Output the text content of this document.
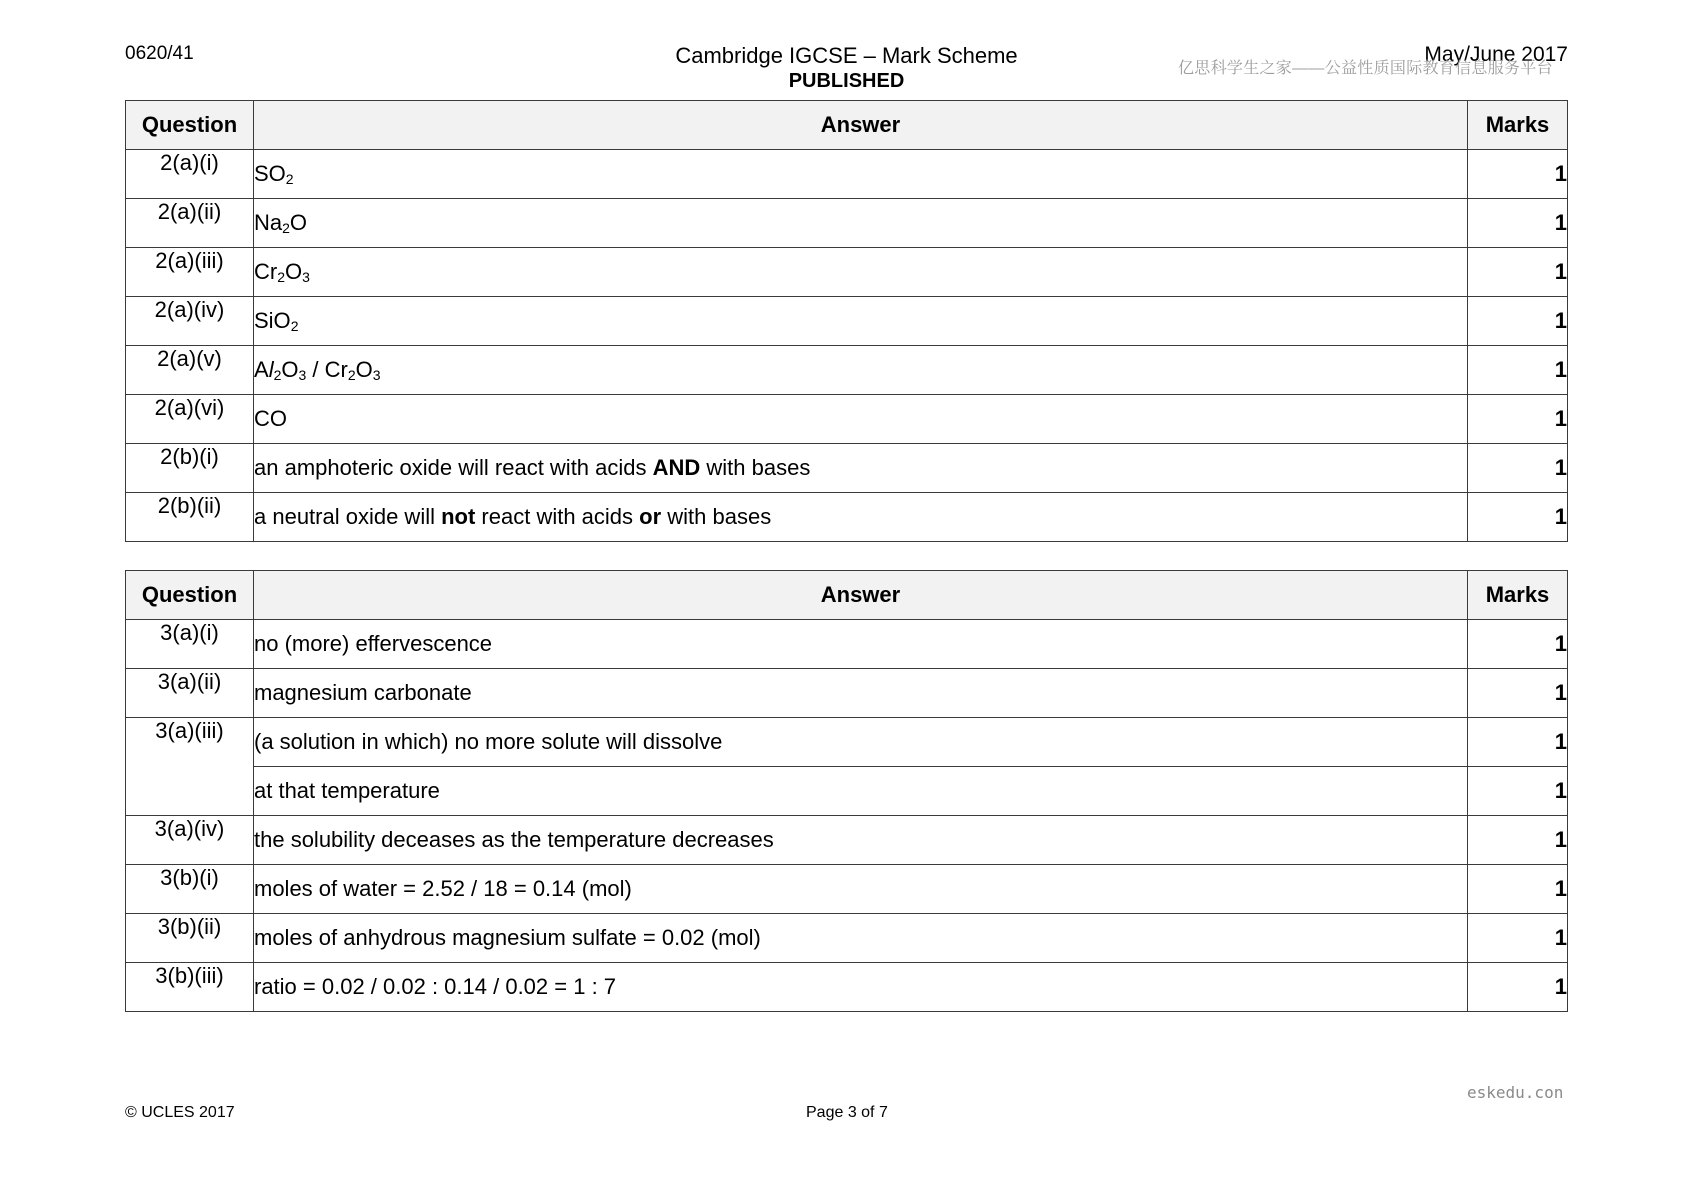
0620/41	Cambridge IGCSE – Mark Scheme
PUBLISHED
May/June 2017
亿思科学生之家——公益性质国际教育信息服务平台
Question	Answer	Marks
2(a)(i)	$SO_2$	1
2(a)(ii)	$Na_2O$	1
2(a)(iii)	$Cr_2O_3$	1
2(a)(iv)	SiO$_2$	1
2(a)(v)	$Al_2O_3 / Cr_2O_3$	1
2(a)(vi)	CO	1
2(b)(i)	an amphoteric oxide will react with acids AND with bases	1
2(b)(ii)	a neutral oxide will not react with acids or with bases	1
Question	Answer	Marks
3(a)(i)	no (more) effervescence	1
3(a)(ii)	magnesium carbonate	1
3(a)(iii)	(a solution in which) no more solute will dissolve	1
	at that temperature	1
3(a)(iv)	the solubility deceases as the temperature decreases	1
3(b)(i)	moles of water = 2.52 / 18 = 0.14 (mol)	1
3(b)(ii)	moles of anhydrous magnesium sulfate = 0.02 (mol)	1
3(b)(iii)	ratio = 0.02 / 0.02 : 0.14 / 0.02 = 1 : 7	1
eskedu.con
© UCLES 2017	Page 3 of 7
